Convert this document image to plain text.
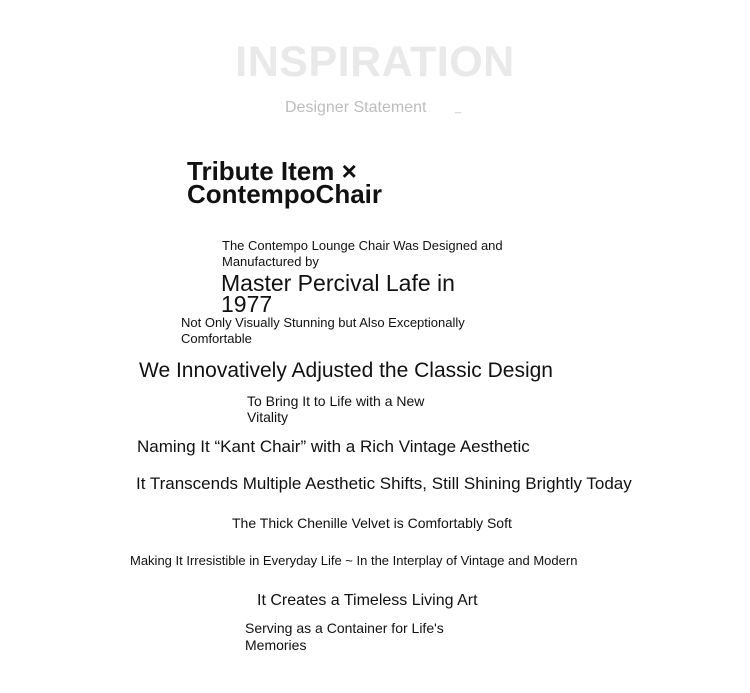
INSPIRATION
Designer Statement	_
Tribute Item × ContempoChair

The Contempo Lounge Chair Was Designed and Manufactured by

Master Percival Lafe in 1977

Not Only Visually Stunning but Also Exceptionally Comfortable

We Innovatively Adjusted the Classic Design

To Bring It to Life with a New Vitality

Naming It “Kant Chair” with a Rich Vintage Aesthetic

It Transcends Multiple Aesthetic Shifts, Still Shining Brightly Today

The Thick Chenille Velvet is Comfortably Soft

Making It Irresistible in Everyday Life ~ In the Interplay of Vintage and Modern

It Creates a Timeless Living Art

Serving as a Container for Life's Memories
